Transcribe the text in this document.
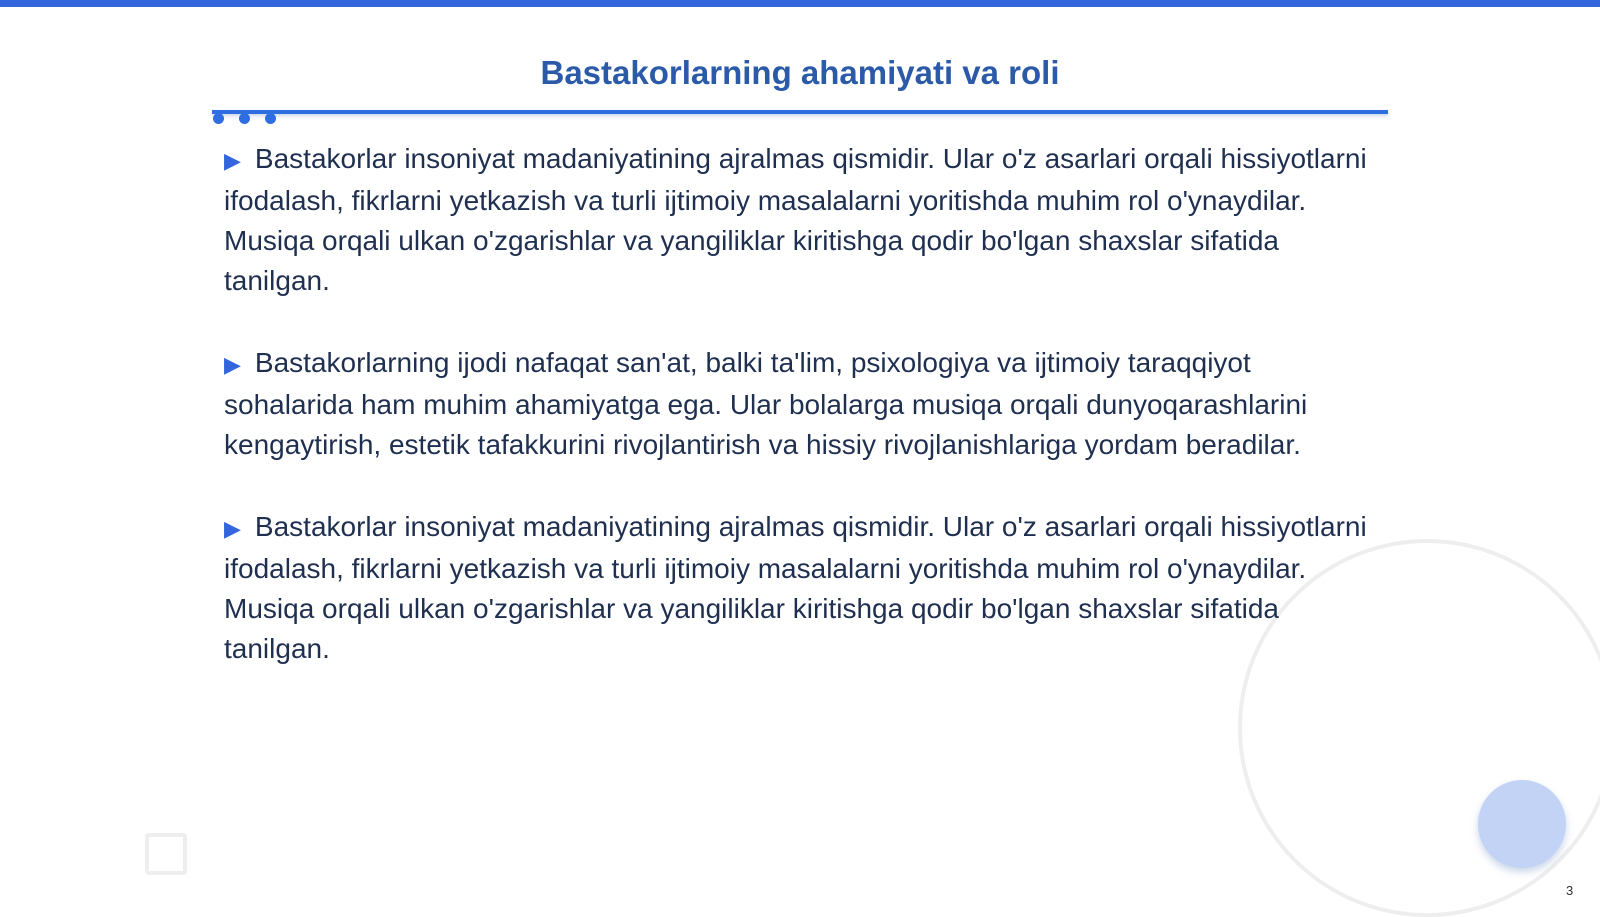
Bastakorlarning ahamiyati va roli

▶ Bastakorlar insoniyat madaniyatining ajralmas qismidir. Ular o'z asarlari orqali hissiyotlarni ifodalash, fikrlarni yetkazish va turli ijtimoiy masalalarni yoritishda muhim rol o'ynaydilar. Musiqa orqali ulkan o'zgarishlar va yangiliklar kiritishga qodir bo'lgan shaxslar sifatida tanilgan.

▶ Bastakorlarning ijodi nafaqat san'at, balki ta'lim, psixologiya va ijtimoiy taraqqiyot sohalarida ham muhim ahamiyatga ega. Ular bolalarga musiqa orqali dunyoqarashlarini kengaytirish, estetik tafakkurini rivojlantirish va hissiy rivojlanishlariga yordam beradilar.

▶ Bastakorlar insoniyat madaniyatining ajralmas qismidir. Ular o'z asarlari orqali hissiyotlarni ifodalash, fikrlarni yetkazish va turli ijtimoiy masalalarni yoritishda muhim rol o'ynaydilar. Musiqa orqali ulkan o'zgarishlar va yangiliklar kiritishga qodir bo'lgan shaxslar sifatida tanilgan.

3
